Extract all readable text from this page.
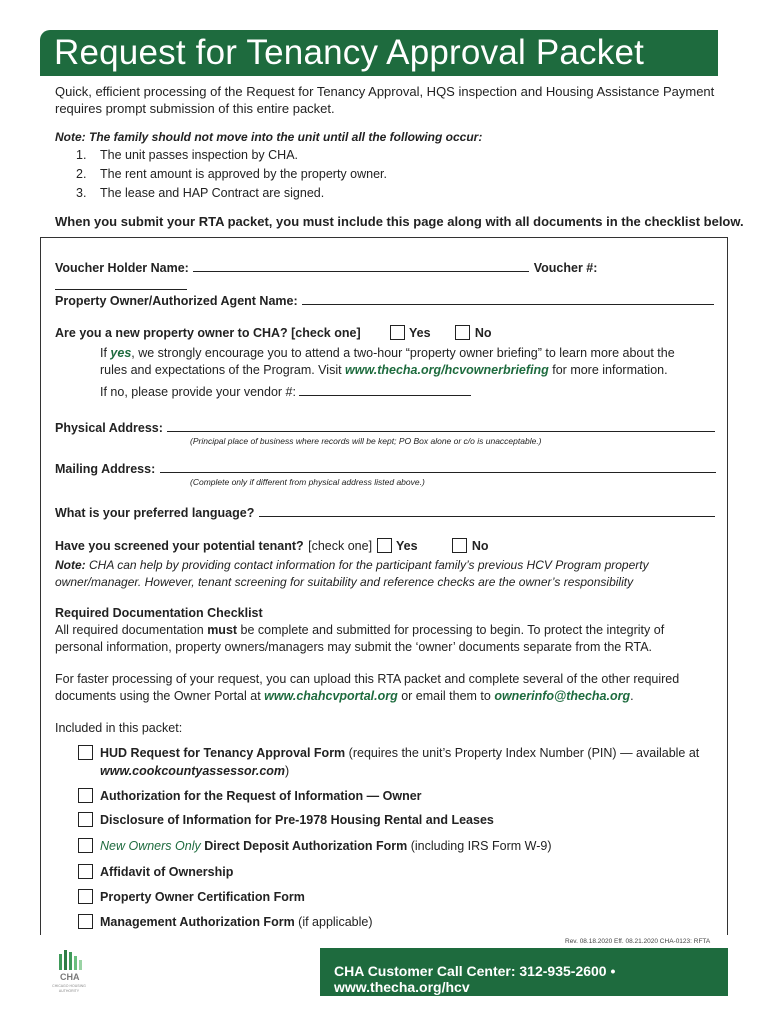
Request for Tenancy Approval Packet
Quick, efficient processing of the Request for Tenancy Approval, HQS inspection and Housing Assistance Payment requires prompt submission of this entire packet.
Note: The family should not move into the unit until all the following occur:
1. The unit passes inspection by CHA.
2. The rent amount is approved by the property owner.
3. The lease and HAP Contract are signed.
When you submit your RTA packet, you must include this page along with all documents in the checklist below.
Voucher Holder Name:	Voucher #:
Property Owner/Authorized Agent Name:
Are you a new property owner to CHA? [check one]	Yes	No
If yes, we strongly encourage you to attend a two-hour “property owner briefing” to learn more about the
rules and expectations of the Program. Visit www.thecha.org/hcvownerbriefing for more information.
If no, please provide your vendor #:
Physical Address:
(Principal place of business where records will be kept; PO Box alone or c/o is unacceptable.)
Mailing Address:
(Complete only if different from physical address listed above.)
What is your preferred language?
Have you screened your potential tenant? [check one] Yes	No
Note: CHA can help by providing contact information for the participant family’s previous HCV Program property
owner/manager. However, tenant screening for suitability and reference checks are the owner’s responsibility
Required Documentation Checklist
All required documentation must be complete and submitted for processing to begin. To protect the integrity of
personal information, property owners/managers may submit the ‘owner’ documents separate from the RTA.
For faster processing of your request, you can upload this RTA packet and complete several of the other required
documents using the Owner Portal at www.chahcvportal.org or email them to ownerinfo@thecha.org.
Included in this packet:
HUD Request for Tenancy Approval Form (requires the unit’s Property Index Number (PIN) — available at
www.cookcountyassessor.com)
Authorization for the Request of Information — Owner
Disclosure of Information for Pre-1978 Housing Rental and Leases
New Owners Only Direct Deposit Authorization Form (including IRS Form W-9)
Affidavit of Ownership
Property Owner Certification Form
Management Authorization Form (if applicable)
Rev. 08.18.2020 Eff. 08.21.2020 CHA-0123: RFTA
CHA
CHICAGO HOUSING AUTHORITY
CHA Customer Call Center: 312-935-2600 • www.thecha.org/hcv
